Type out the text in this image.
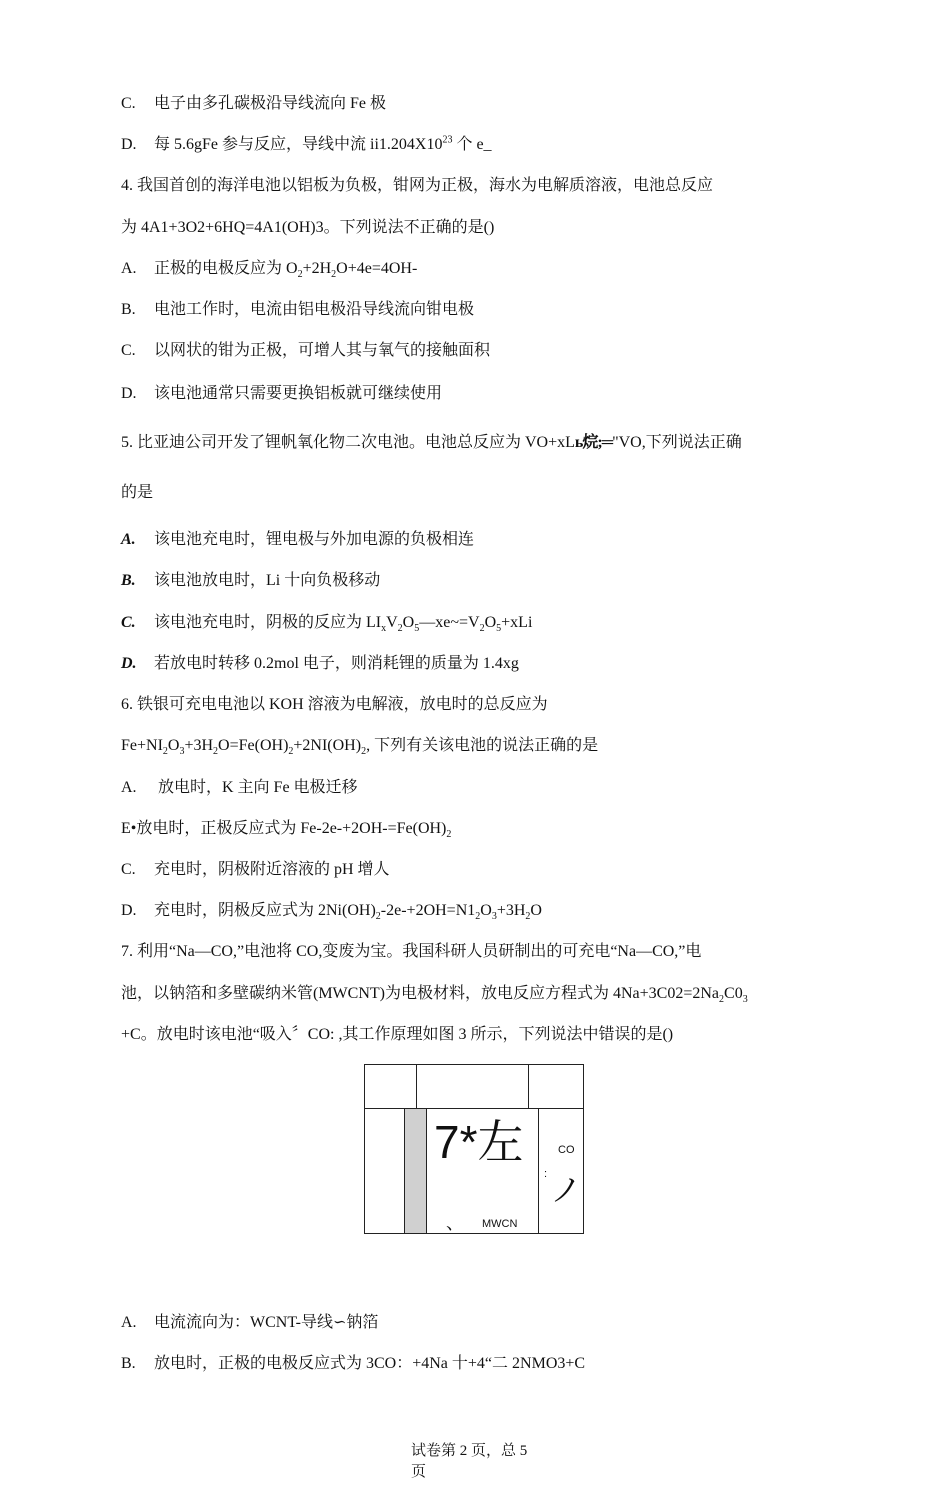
C. 电子由多孔碳极沿导线流向 Fe 极
D. 每 5.6gFe 参与反应，导线中流 $ii1.204X10^{23}$ 个 e_
4. 我国首创的海洋电池以铝板为负极，钳网为正极，海水为电解质溶液，电池总反应
为 4A1+3O2+6HQ=4A1(OH)3。下列说法不正确的是()
A. 正极的电极反应为 $O_2+2H_2O+4e=4OH-$
B. 电池工作时，电流由铝电极沿导线流向钳电极
C. 以网状的钳为正极，可增人其与氧气的接触面积
D. 该电池通常只需要更换铝板就可继续使用
5. 比亚迪公司开发了锂帆氧化物二次电池。电池总反应为 VO+xLь烷;═"VO,下列说法正确
的是
A. 该电池充电时，锂电极与外加电源的负极相连
B. 该电池放电时，Li 十向负极移动
C. 该电池充电时，阴极的反应为 $LI_xV_2O_5—xe\sim=V_2O_5+xLi$
D. 若放电时转移 0.2mol 电子，则消耗锂的质量为 1.4xg
6. 铁银可充电电池以 KOH 溶液为电解液，放电时的总反应为
$Fe+NI_2O_3+3H_2O=Fe(OH)_2+2NI(OH)_2$, 下列有关该电池的说法正确的是
A. 放电时，K 主向 Fe 电极迁移
E•放电时，正极反应式为 $Fe-2e-+2OH-=Fe(OH)_2$
C. 充电时，阴极附近溶液的 pH 增人
D. 充电时，阴极反应式为 $2Ni(OH)_2-2e-+2OH=N1_2O_3+3H_2O$
7. 利用“Na—CO,”电池将 CO,变废为宝。我国科研人员研制出的可充电“Na—CO,”电
池，以钠箔和多壁碳纳米管(MWCNT)为电极材料，放电反应方程式为 $4Na+3C02=2Na_2C0_3$
+C。放电时该电池“吸入〞CO: ,其工作原理如图 3 所示，下列说法中错误的是()
7*左
、 MWCN
CO
: ノ
A. 电流流向为：WCNT-导线∽钠箔
B. 放电时，正极的电极反应式为 3CO：+4Na 十+4“二 2NMO3+C
试卷第 2 页，总 5
页
